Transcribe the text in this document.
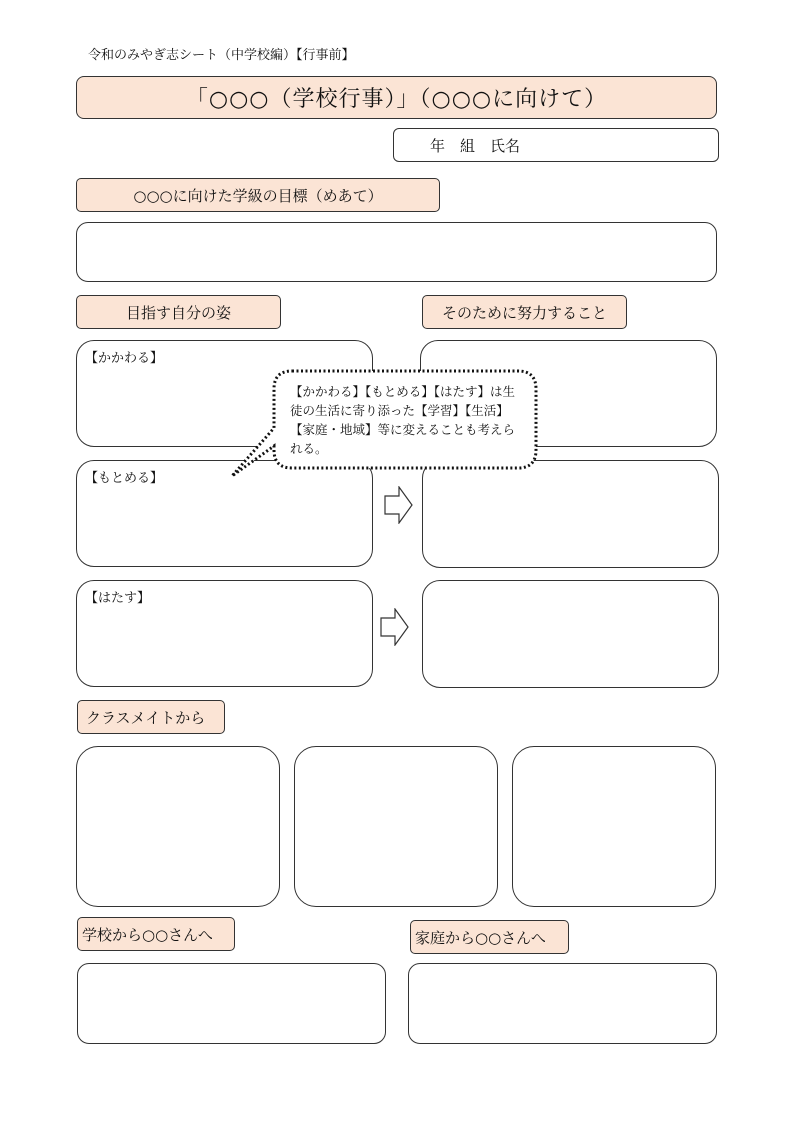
令和のみやぎ志シート（中学校編）【行事前】
「○○○（学校行事）」（○○○に向けて）
年　組　氏名
○○○に向けた学級の目標（めあて）
目指す自分の姿	そのために努力すること
【かかわる】
【もとめる】
【はたす】
【かかわる】【もとめる】【はたす】は生
徒の生活に寄り添った【学習】【生活】
【家庭・地域】等に変えることも考えら
れる。
クラスメイトから
学校から○○さんへ	家庭から○○さんへ
